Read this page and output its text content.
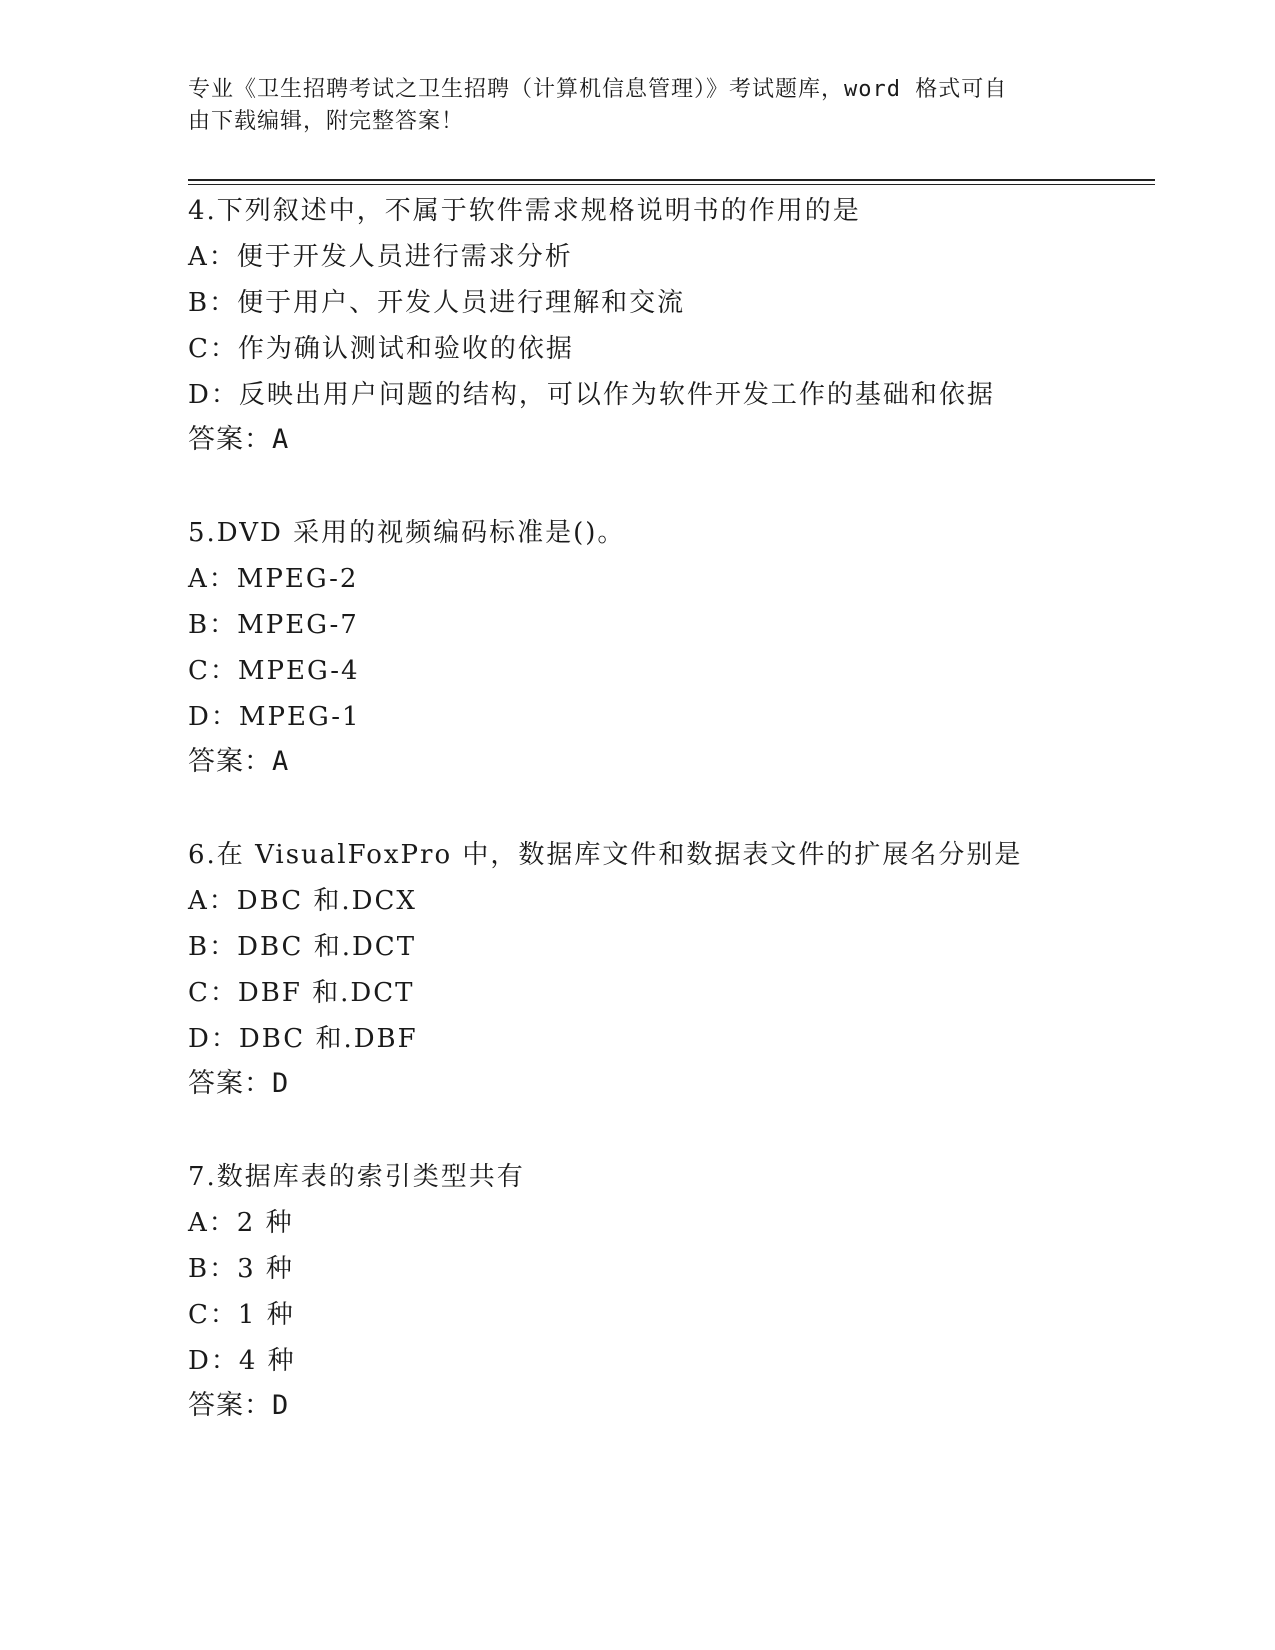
专业《卫生招聘考试之卫生招聘（计算机信息管理）》考试题库，word 格式可自
由下载编辑，附完整答案！
4.下列叙述中，不属于软件需求规格说明书的作用的是
A：便于开发人员进行需求分析
B：便于用户、开发人员进行理解和交流
C：作为确认测试和验收的依据
D：反映出用户问题的结构，可以作为软件开发工作的基础和依据
答案：A
5.DVD 采用的视频编码标准是()。
A：MPEG-2
B：MPEG-7
C：MPEG-4
D：MPEG-1
答案：A
6.在 VisualFoxPro 中，数据库文件和数据表文件的扩展名分别是
A：DBC 和.DCX
B：DBC 和.DCT
C：DBF 和.DCT
D：DBC 和.DBF
答案：D
7.数据库表的索引类型共有
A：2 种
B：3 种
C：1 种
D：4 种
答案：D
